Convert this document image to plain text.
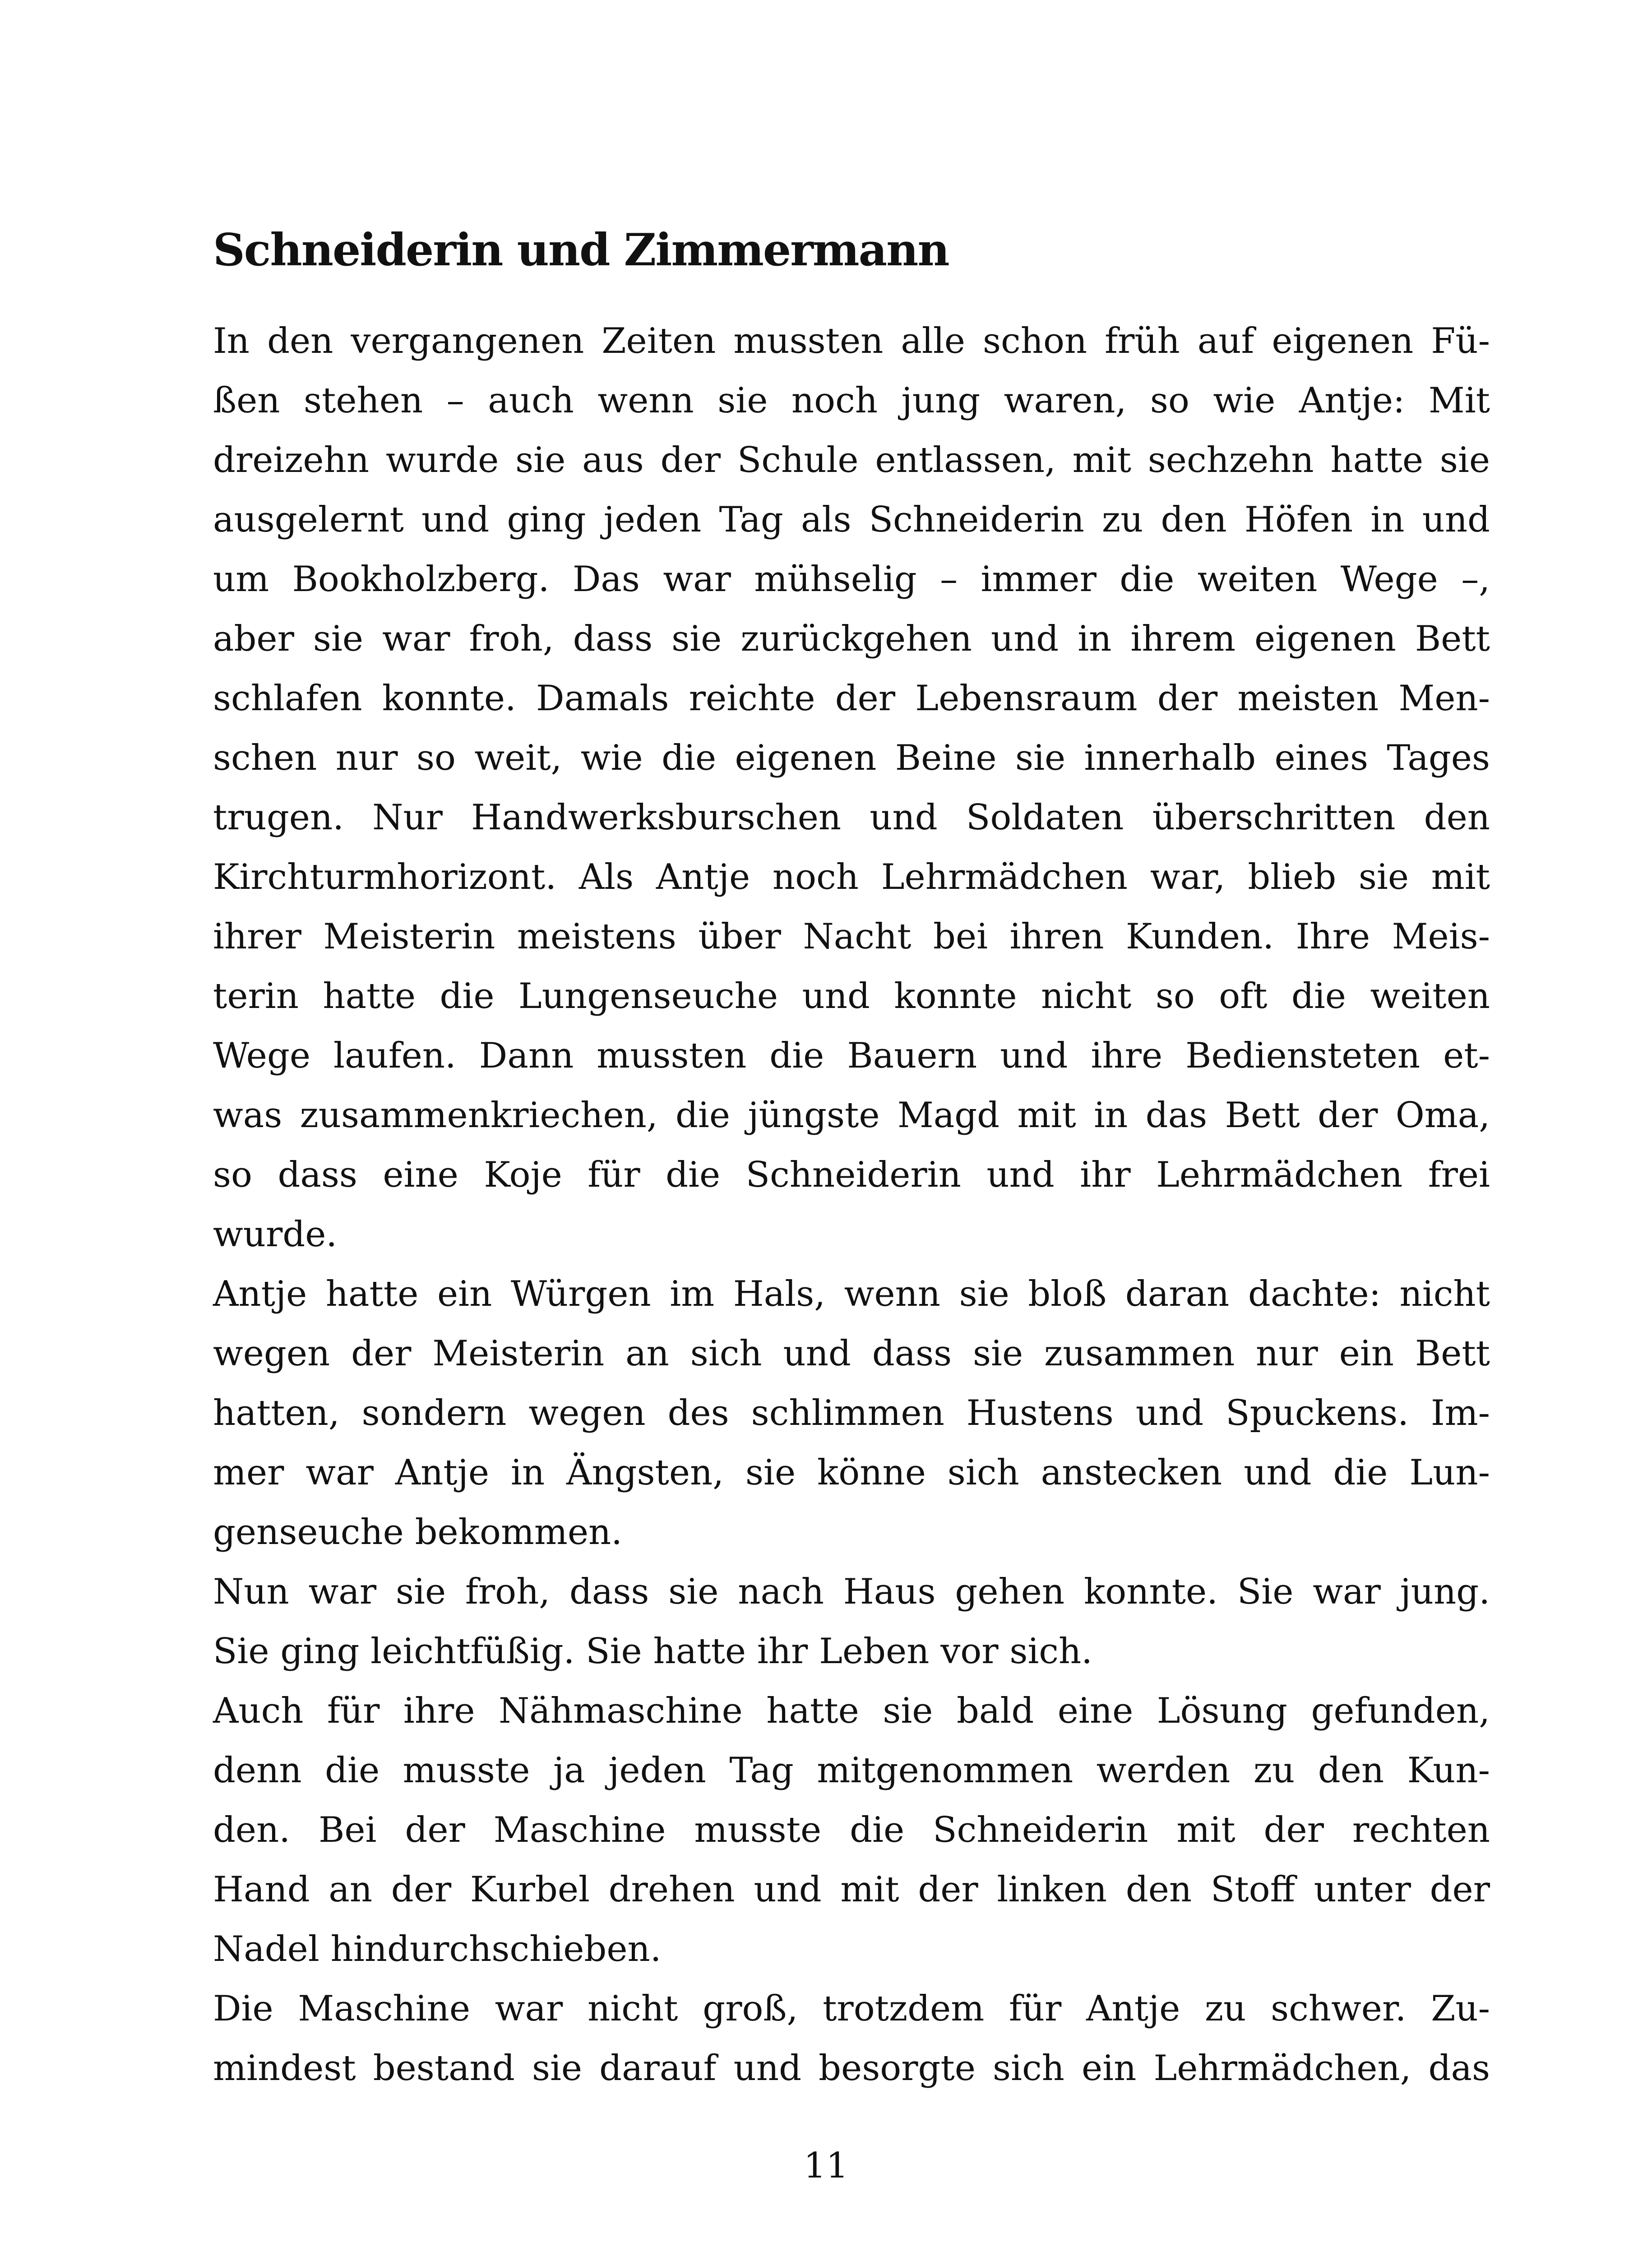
Schneiderin und Zimmermann
In den vergangenen Zeiten mussten alle schon früh auf eigenen Fü-
ßen stehen – auch wenn sie noch jung waren, so wie Antje: Mit
dreizehn wurde sie aus der Schule entlassen, mit sechzehn hatte sie
ausgelernt und ging jeden Tag als Schneiderin zu den Höfen in und
um Bookholzberg. Das war mühselig – immer die weiten Wege –,
aber sie war froh, dass sie zurückgehen und in ihrem eigenen Bett
schlafen konnte. Damals reichte der Lebensraum der meisten Men-
schen nur so weit, wie die eigenen Beine sie innerhalb eines Tages
trugen. Nur Handwerksburschen und Soldaten überschritten den
Kirchturmhorizont. Als Antje noch Lehrmädchen war, blieb sie mit
ihrer Meisterin meistens über Nacht bei ihren Kunden. Ihre Meis-
terin hatte die Lungenseuche und konnte nicht so oft die weiten
Wege laufen. Dann mussten die Bauern und ihre Bediensteten et-
was zusammenkriechen, die jüngste Magd mit in das Bett der Oma,
so dass eine Koje für die Schneiderin und ihr Lehrmädchen frei
wurde.
Antje hatte ein Würgen im Hals, wenn sie bloß daran dachte: nicht
wegen der Meisterin an sich und dass sie zusammen nur ein Bett
hatten, sondern wegen des schlimmen Hustens und Spuckens. Im-
mer war Antje in Ängsten, sie könne sich anstecken und die Lun-
genseuche bekommen.
Nun war sie froh, dass sie nach Haus gehen konnte. Sie war jung.
Sie ging leichtfüßig. Sie hatte ihr Leben vor sich.
Auch für ihre Nähmaschine hatte sie bald eine Lösung gefunden,
denn die musste ja jeden Tag mitgenommen werden zu den Kun-
den. Bei der Maschine musste die Schneiderin mit der rechten
Hand an der Kurbel drehen und mit der linken den Stoff unter der
Nadel hindurchschieben.
Die Maschine war nicht groß, trotzdem für Antje zu schwer. Zu-
mindest bestand sie darauf und besorgte sich ein Lehrmädchen, das
11
